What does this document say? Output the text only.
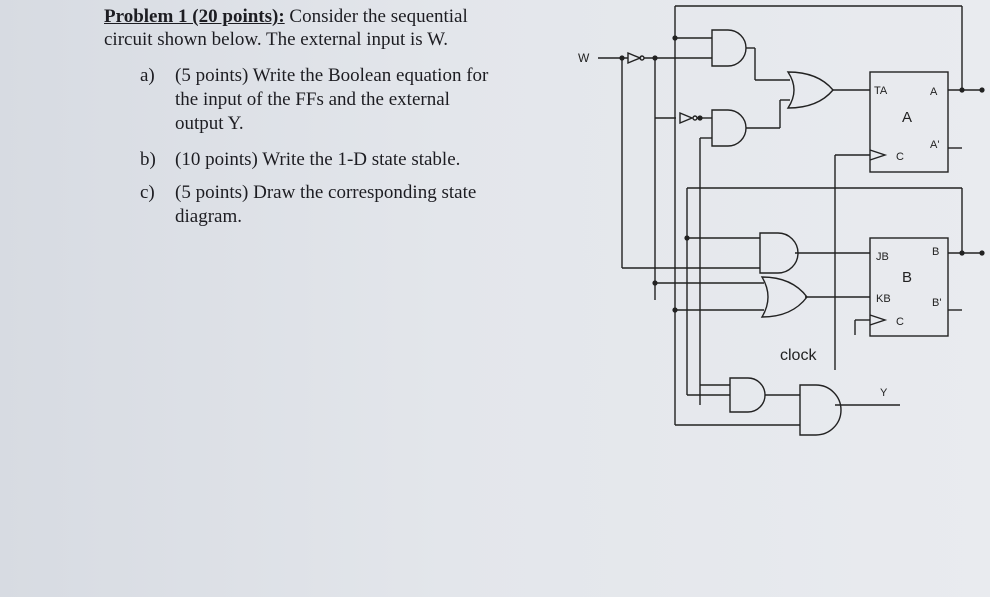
Problem 1 (20 points): Consider the sequential
circuit shown below. The external input is W.
a) (5 points) Write the Boolean equation for
the input of the FFs and the external
output Y.
b) (10 points) Write the 1-D state stable.
c) (5 points) Draw the corresponding state
diagram.
W
TA	A
A
A'
C
JB	B
B
KB	B'
C
clock
Y
